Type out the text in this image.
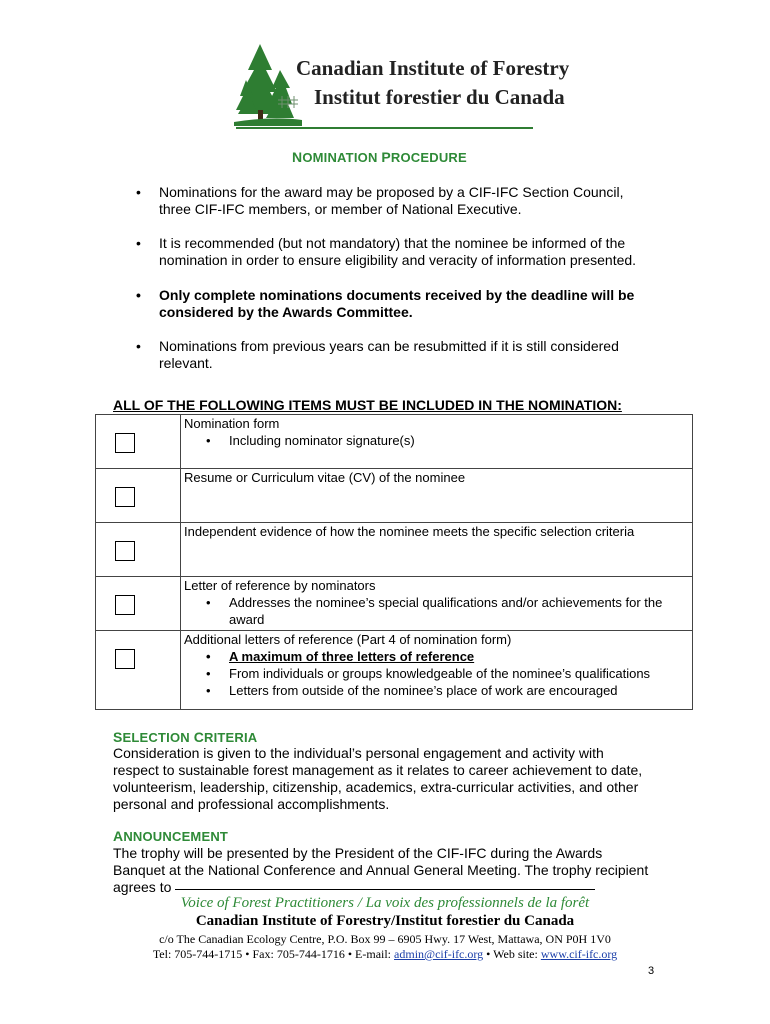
Canadian Institute of Forestry
Institut forestier du Canada
NOMINATION PROCEDURE
• Nominations for the award may be proposed by a CIF-IFC Section Council, three CIF-IFC members, or member of National Executive.
• It is recommended (but not mandatory) that the nominee be informed of the nomination in order to ensure eligibility and veracity of information presented.
• Only complete nominations documents received by the deadline will be considered by the Awards Committee.
• Nominations from previous years can be resubmitted if it is still considered relevant.
ALL OF THE FOLLOWING ITEMS MUST BE INCLUDED IN THE NOMINATION:
Nomination form
• Including nominator signature(s)
Resume or Curriculum vitae (CV) of the nominee
Independent evidence of how the nominee meets the specific selection criteria
Letter of reference by nominators
• Addresses the nominee’s special qualifications and/or achievements for the award
Additional letters of reference (Part 4 of nomination form)
• A maximum of three letters of reference
• From individuals or groups knowledgeable of the nominee’s qualifications
• Letters from outside of the nominee’s place of work are encouraged
SELECTION CRITERIA
Consideration is given to the individual’s personal engagement and activity with respect to sustainable forest management as it relates to career achievement to date, volunteerism, leadership, citizenship, academics, extra-curricular activities, and other personal and professional accomplishments.
ANNOUNCEMENT
The trophy will be presented by the President of the CIF-IFC during the Awards Banquet at the National Conference and Annual General Meeting. The trophy recipient agrees to
Voice of Forest Practitioners / La voix des professionnels de la forêt
Canadian Institute of Forestry/Institut forestier du Canada
c/o The Canadian Ecology Centre, P.O. Box 99 – 6905 Hwy. 17 West, Mattawa, ON P0H 1V0
Tel: 705-744-1715 • Fax: 705-744-1716 • E-mail: admin@cif-ifc.org • Web site: www.cif-ifc.org
3
